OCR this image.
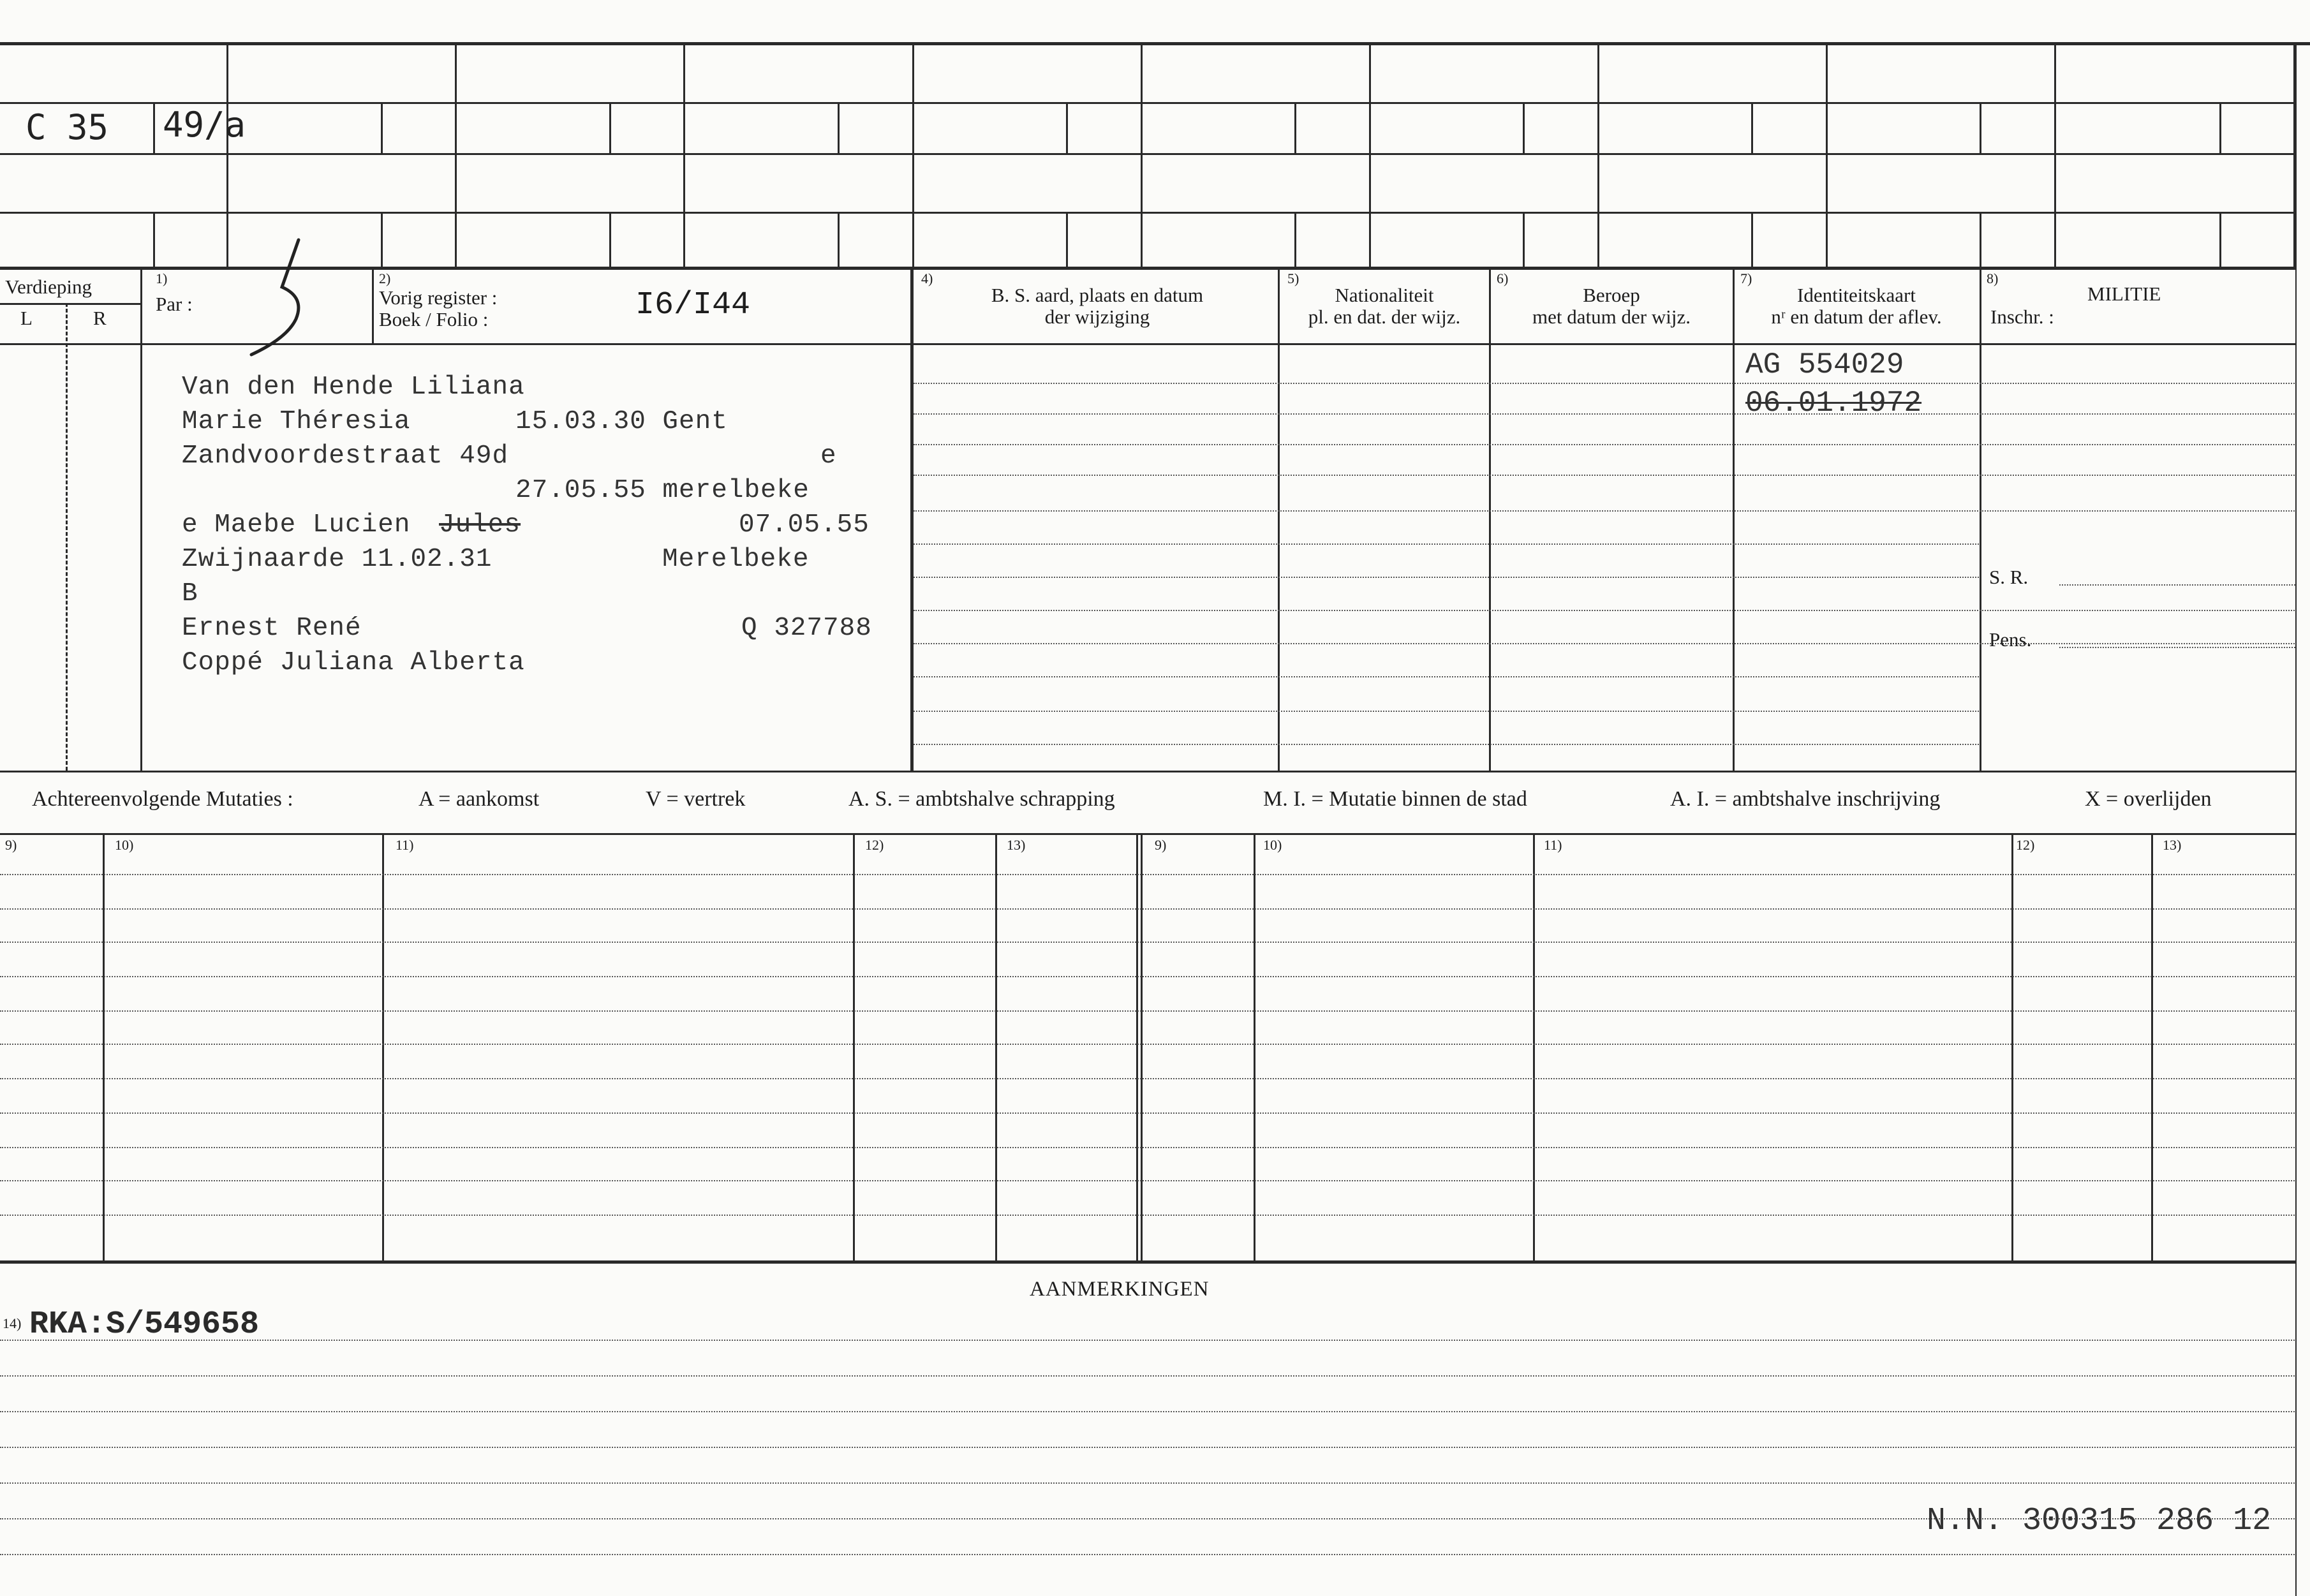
C 35 49/a
Verdieping
L	R
1)
Par :
2)
Vorig register :
Boek / Folio :	I6/I44
4)
B. S. aard, plaats en datum
der wijziging
5)
Nationaliteit
pl. en dat. der wijz.
6)
Beroep
met datum der wijz.
7)
Identiteitskaart
nʳ en datum der aflev.
8)
MILITIE
Inschr. :
Van den Hende Liliana
Marie Théresia	15.03.30 Gent
Zandvoordestraat 49d	e
27.05.55 merelbeke
e Maebe Lucien Jules	07.05.55
Zwijnaarde 11.02.31	Merelbeke
B
Ernest René	Q 327788
Coppé Juliana Alberta
AG 554029
06.01.1972
S. R.
Pens.
Achtereenvolgende Mutaties :	A = aankomst	V = vertrek	A. S. = ambtshalve schrapping	M. I. = Mutatie binnen de stad	A. I. = ambtshalve inschrijving	X = overlijden
9)	10)	11)	12)	13)	9)	10)	11)	12)	13)
AANMERKINGEN
14) RKA:S/549658
N.N. 300315 286 12
